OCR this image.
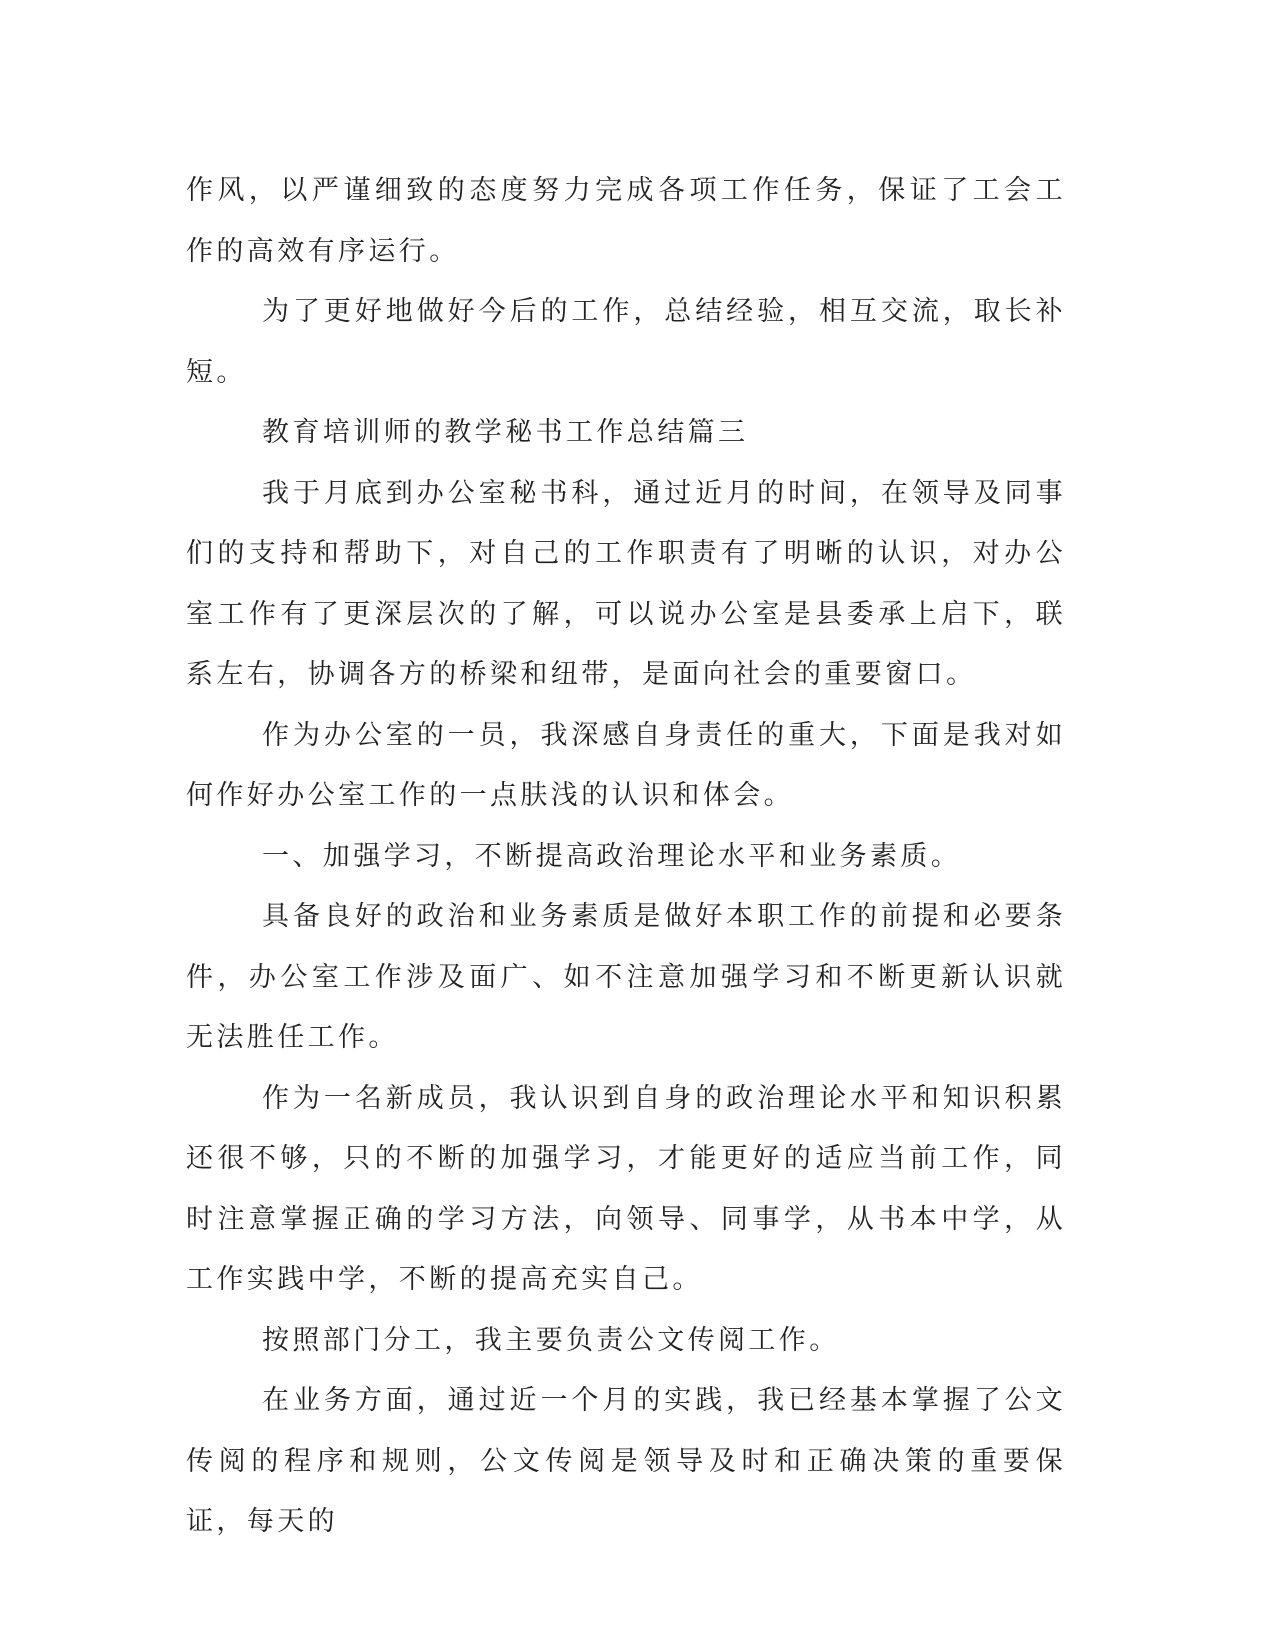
作风，以严谨细致的态度努力完成各项工作任务，保证了工会工作的高效有序运行。

为了更好地做好今后的工作，总结经验，相互交流，取长补短。

教育培训师的教学秘书工作总结篇三

我于月底到办公室秘书科，通过近月的时间，在领导及同事们的支持和帮助下，对自己的工作职责有了明晰的认识，对办公室工作有了更深层次的了解，可以说办公室是县委承上启下，联系左右，协调各方的桥梁和纽带，是面向社会的重要窗口。

作为办公室的一员，我深感自身责任的重大，下面是我对如何作好办公室工作的一点肤浅的认识和体会。

一、加强学习，不断提高政治理论水平和业务素质。

具备良好的政治和业务素质是做好本职工作的前提和必要条件，办公室工作涉及面广、如不注意加强学习和不断更新认识就无法胜任工作。

作为一名新成员，我认识到自身的政治理论水平和知识积累还很不够，只的不断的加强学习，才能更好的适应当前工作，同时注意掌握正确的学习方法，向领导、同事学，从书本中学，从工作实践中学，不断的提高充实自己。

按照部门分工，我主要负责公文传阅工作。

在业务方面，通过近一个月的实践，我已经基本掌握了公文传阅的程序和规则，公文传阅是领导及时和正确决策的重要保证，每天的
